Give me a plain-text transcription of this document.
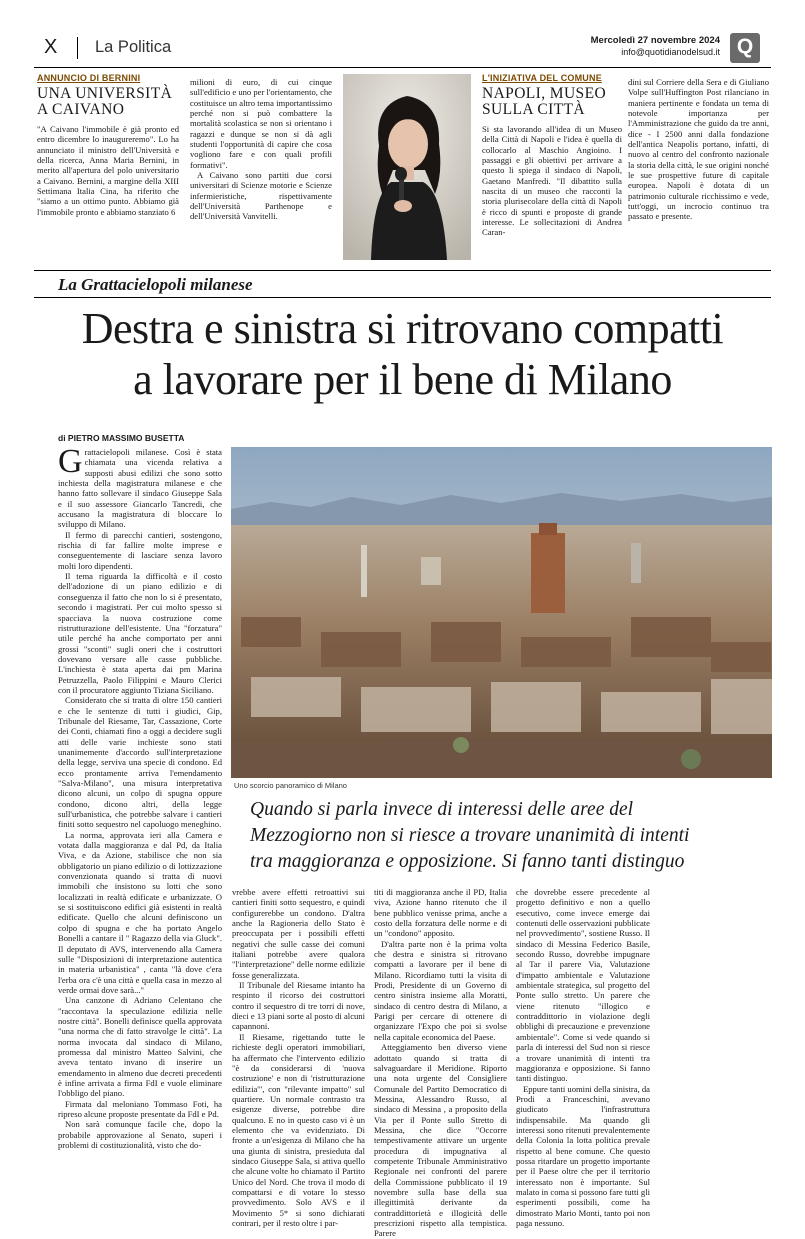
X La Politica	Mercoledì 27 novembre 2024
info@quotidianodelsud.it Q
ANNUNCIO DI BERNINI
UNA UNIVERSITÀ
A CAIVANO

"A Caivano l'immobile è già pronto ed entro dicembre lo inaugureremo". Lo ha annunciato il ministro dell'Università e della ricerca, Anna Maria Bernini, in merito all'apertura del polo universitario a Caivano. Bernini, a margine della XIII Settimana Italia Cina, ha riferito che "siamo a un ottimo punto. Abbiamo già l'immobile pronto e abbiamo stanziato 6

milioni di euro, di cui cinque sull'edificio e uno per l'orientamento, che costituisce un altro tema importantissimo perché non si può combattere la mortalità scolastica se non si orientano i ragazzi e dunque se non si dà agli studenti l'opportunità di capire che cosa vogliono fare e con quali profili formativi".

A Caivano sono partiti due corsi universitari di Scienze motorie e Scienze infermieristiche, rispettivamente dell'Università Parthenope e dell'Università Vanvitelli.

L'INIZIATIVA DEL COMUNE
NAPOLI, MUSEO
SULLA CITTÀ

Si sta lavorando all'idea di un Museo della Città di Napoli e l'idea è quella di collocarlo al Maschio Angioino. I passaggi e gli obiettivi per arrivare a questo li spiega il sindaco di Napoli, Gaetano Manfredi. "Il dibattito sulla nascita di un museo che racconti la storia plurisecolare della città di Napoli è ricco di spunti e proposte di grande interesse. Le sollecitazioni di Andrea Caran-

dini sul Corriere della Sera e di Giuliano Volpe sull'Huffington Post rilanciano in maniera pertinente e fondata un tema di notevole importanza per l'Amministrazione che guido da tre anni, dice - I 2500 anni dalla fondazione dell'antica Neapolis portano, infatti, di nuovo al centro del confronto nazionale la storia della città, le sue origini nonché le sue prospettive future di capitale europea. Napoli è dotata di un patrimonio culturale ricchissimo e vede, tutt'oggi, un incrocio continuo tra passato e presente.

La Grattacielopoli milanese
Destra e sinistra si ritrovano compatti
a lavorare per il bene di Milano
di PIETRO MASSIMO BUSETTA

Grattacielopoli milanese. Così è stata chiamata una vicenda relativa a supposti abusi edilizi che sono sotto inchiesta della magistratura milanese e che hanno fatto sollevare il sindaco Giuseppe Sala e il suo assessore Giancarlo Tancredi, che accusano la magistratura di bloccare lo sviluppo di Milano.

Il fermo di parecchi cantieri, sostengono, rischia di far fallire molte imprese e conseguentemente di lasciare senza lavoro molti loro dipendenti.

Il tema riguarda la difficoltà e il costo dell'adozione di un piano edilizio e di conseguenza il fatto che non lo si è presentato, secondo i magistrati. Per cui molto spesso si spacciava la nuova costruzione come ristrutturazione dell'esistente. Una "forzatura" utile perché ha anche comportato per anni grossi "sconti" sugli oneri che i costruttori dovevano versare alle casse pubbliche. L'inchiesta è stata aperta dai pm Marina Petruzzella, Paolo Filippini e Mauro Clerici con il procuratore aggiunto Tiziana Siciliano.

Considerato che si tratta di oltre 150 cantieri e che le sentenze di tutti i giudici, Gip, Tribunale del Riesame, Tar, Cassazione, Corte dei Conti, chiamati fino a oggi a decidere sugli atti delle varie inchieste sono stati unanimemente d'accordo sull'interpretazione della legge, serviva una specie di condono. Ed ecco prontamente arriva l'emendamento "Salva-Milano", una misura interpretativa dicono alcuni, un colpo di spugna oppure condono, dicono altri, della legge sull'urbanistica, che potrebbe salvare i cantieri finiti sotto sequestro nel capoluogo meneghino.

La norma, approvata ieri alla Camera e votata dalla maggioranza e dal Pd, da Italia Viva, e da Azione, stabilisce che non sia obbligatorio un piano edilizio o di lottizzazione convenzionata quando si tratta di nuovi immobili che insistono su lotti che sono localizzati in realtà edificate e urbanizzate. O se si sostituiscono edifici già esistenti in realtà edificate. Quello che alcuni definiscono un colpo di spugna e che ha portato Angelo Bonelli a cantare il " Ragazzo della via Gluck". Il deputato di AVS, intervenendo alla Camera sulle "Disposizioni di interpretazione autentica in materia urbanistica" , canta "là dove c'era l'erba ora c'è una città e quella casa in mezzo al verde ormai dove sarà..."

Una canzone di Adriano Celentano che "raccontava la speculazione edilizia nelle nostre città". Bonelli definisce quella approvata "una norma che di fatto stravolge le città". La norma invocata dal sindaco di Milano, promessa dal ministro Matteo Salvini, che aveva tentato invano di inserire un emendamento in almeno due decreti precedenti è infine arrivata a firma FdI e vuole eliminare l'obbligo del piano.

Firmata dal meloniano Tommaso Foti, ha ripreso alcune proposte presentate da FdI e Pd.

Non sarà comunque facile che, dopo la probabile approvazione al Senato, superi i problemi di costituzionalità, visto che do-

Uno scorcio panoramico di Milano
Quando si parla invece di interessi delle aree del
Mezzogiorno non si riesce a trovare unanimità di intenti
tra maggioranza e opposizione. Si fanno tanti distinguo

vrebbe avere effetti retroattivi sui cantieri finiti sotto sequestro, e quindi configurerebbe un condono. D'altra anche la Ragioneria dello Stato è preoccupata per i possibili effetti negativi che sulle casse dei comuni italiani potrebbe avere qualora "l'interpretazione" delle norme edilizie fosse generalizzata.

Il Tribunale del Riesame intanto ha respinto il ricorso dei costruttori contro il sequestro di tre torri di nove, dieci e 13 piani sorte al posto di alcuni capannoni.

Il Riesame, rigettando tutte le richieste degli operatori immobiliari, ha affermato che l'intervento edilizio "è da considerarsi di 'nuova costruzione' e non di 'ristrutturazione edilizia'", con "rilevante impatto" sul quartiere. Un normale contrasto tra esigenze diverse, potrebbe dire qualcuno. E no in questo caso vi è un elemento che va evidenziato. Di fronte a un'esigenza di Milano che ha una giunta di sinistra, presieduta dal sindaco Giuseppe Sala, si attiva quello che alcune volte ho chiamato il Partito Unico del Nord. Che trova il modo di compattarsi e di votare lo stesso provvedimento. Solo AVS e il Movimento 5* si sono dichiarati contrari, per il resto oltre i par-

titi di maggioranza anche il PD, Italia viva, Azione hanno ritenuto che il bene pubblico venisse prima, anche a costo della forzatura delle norme e di un "condono" apposito.

D'altra parte non è la prima volta che destra e sinistra si ritrovano compatti a lavorare per il bene di Milano. Ricordiamo tutti la visita di Prodi, Presidente di un Governo di centro sinistra insieme alla Moratti, sindaco di centro destra di Milano, a Parigi per cercare di ottenere di organizzare l'Expo che poi si svolse nella capitale economica del Paese.

Atteggiamento ben diverso viene adottato quando si tratta di salvaguardare il Meridione. Riporto una nota urgente del Consigliere Comunale del Partito Democratico di Messina, Alessandro Russo, al sindaco di Messina , a proposito della Via per il Ponte sullo Stretto di Messina, che dice "Occorre tempestivamente attivare un urgente procedura di impugnativa al competente Tribunale Amministrativo Regionale nei confronti del parere della Commissione pubblicato il 19 novembre sulla base della sua illegittimità derivante da contraddittorietà e illogicità delle prescrizioni rispetto alla tempistica. Parere

che dovrebbe essere precedente al progetto definitivo e non a quello esecutivo, come invece emerge dai contenuti delle osservazioni pubblicate nel provvedimento", sostiene Russo. Il sindaco di Messina Federico Basile, secondo Russo, dovrebbe impugnare al Tar il parere Via, Valutazione d'impatto ambientale e Valutazione ambientale strategica, sul progetto del Ponte sullo stretto. Un parere che viene ritenuto "illogico e contraddittorio in violazione degli obblighi di precauzione e prevenzione ambientale". Come si vede quando si parla di interessi del Sud non si riesce a trovare unanimità di intenti tra maggioranza e opposizione. Si fanno tanti distinguo.

Eppure tanti uomini della sinistra, da Prodi a Franceschini, avevano giudicato l'infrastruttura indispensabile. Ma quando gli interessi sono ritenuti prevalentemente della Colonia la lotta politica prevale rispetto al bene comune. Che questo possa ritardare un progetto importante per il Paese oltre che per il territorio interessato non è importante. Sul malato in coma si possono fare tutti gli esperimenti possibili, come ha dimostrato Mario Monti, tanto poi non paga nessuno.
